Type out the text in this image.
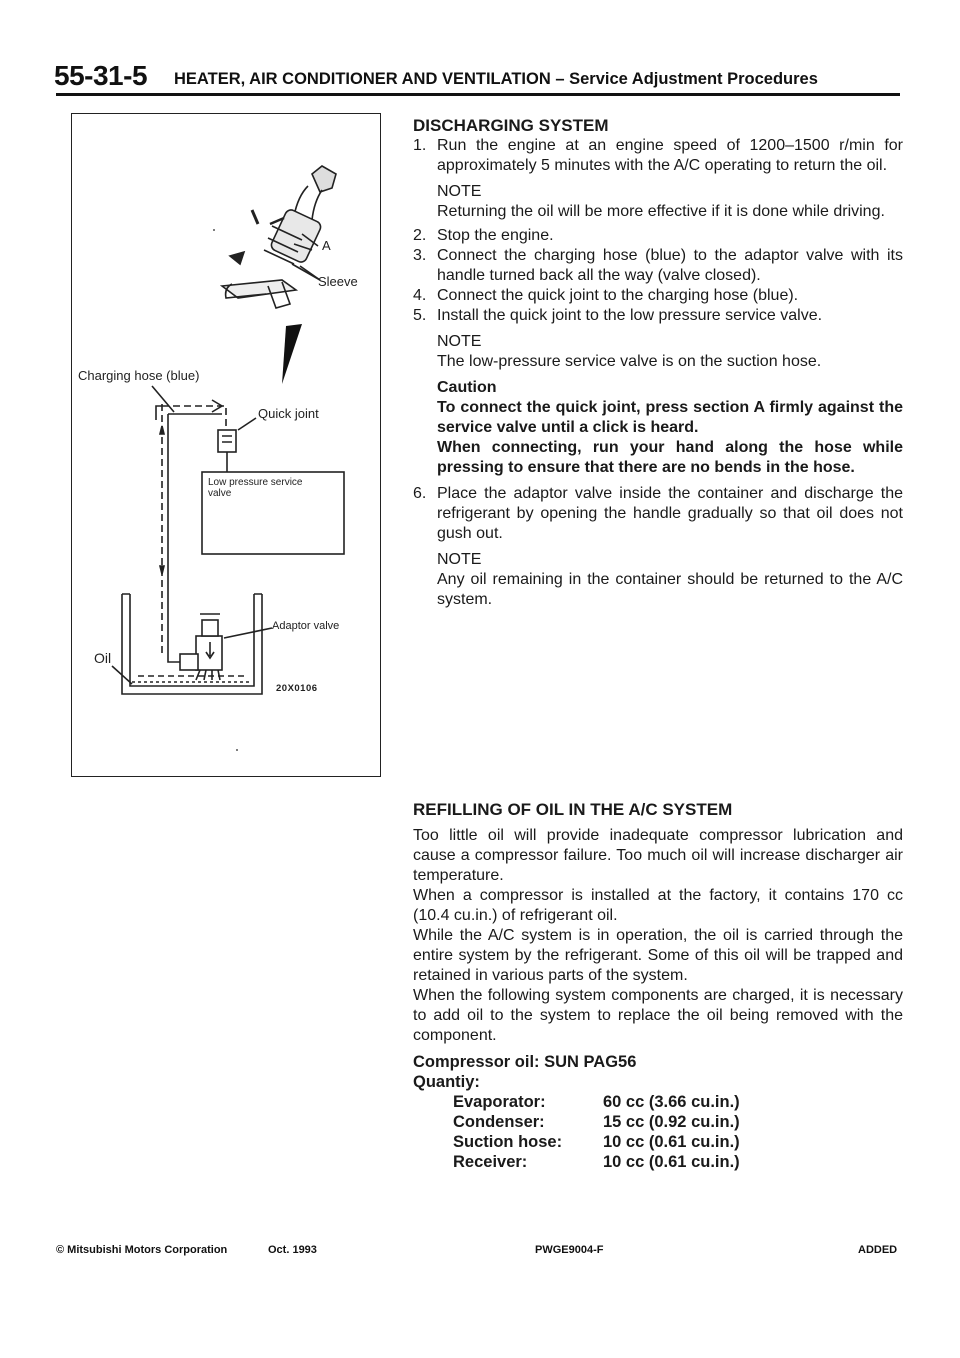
55-31-5 HEATER, AIR CONDITIONER AND VENTILATION – Service Adjustment Procedures
A
Sleeve
Charging hose (blue)
Quick joint
Low pressure service
valve
Adaptor valve
Oil
20X0106
DISCHARGING SYSTEM
1. Run the engine at an engine speed of 1200–1500 r/min for approximately 5 minutes with the A/C operating to return the oil.
NOTE
Returning the oil will be more effective if it is done while driving.
2. Stop the engine.
3. Connect the charging hose (blue) to the adaptor valve with its handle turned back all the way (valve closed).
4. Connect the quick joint to the charging hose (blue).
5. Install the quick joint to the low pressure service valve.
NOTE
The low-pressure service valve is on the suction hose.
Caution
To connect the quick joint, press section A firmly against the service valve until a click is heard.
When connecting, run your hand along the hose while pressing to ensure that there are no bends in the hose.
6. Place the adaptor valve inside the container and discharge the refrigerant by opening the handle gradually so that oil does not gush out.
NOTE
Any oil remaining in the container should be returned to the A/C system.
REFILLING OF OIL IN THE A/C SYSTEM
Too little oil will provide inadequate compressor lubrication and cause a compressor failure. Too much oil will increase discharger air temperature.
When a compressor is installed at the factory, it contains 170 cc (10.4 cu.in.) of refrigerant oil.
While the A/C system is in operation, the oil is carried through the entire system by the refrigerant. Some of this oil will be trapped and retained in various parts of the system.
When the following system components are charged, it is necessary to add oil to the system to replace the oil being removed with the component.
Compressor oil: SUN PAG56
Quantiy:
Evaporator:	60 cc (3.66 cu.in.)
Condenser:	15 cc (0.92 cu.in.)
Suction hose:	10 cc (0.61 cu.in.)
Receiver:	10 cc (0.61 cu.in.)
© Mitsubishi Motors Corporation	Oct. 1993	PWGE9004-F	ADDED
